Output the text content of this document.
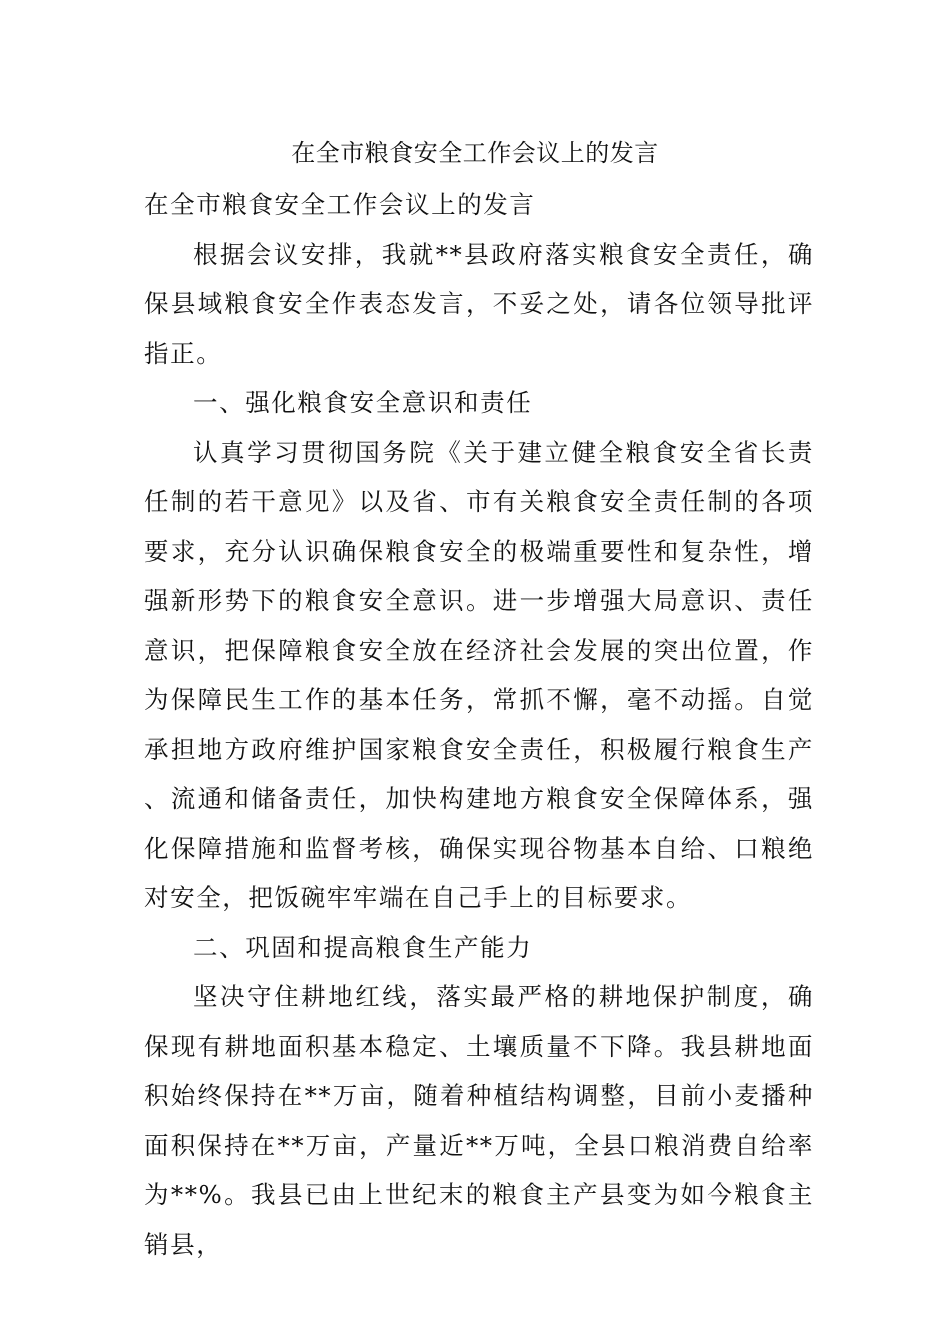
在全市粮食安全工作会议上的发言

在全市粮食安全工作会议上的发言

根据会议安排，我就**县政府落实粮食安全责任，确保县域粮食安全作表态发言，不妥之处，请各位领导批评指正。

一、强化粮食安全意识和责任

认真学习贯彻国务院《关于建立健全粮食安全省长责任制的若干意见》以及省、市有关粮食安全责任制的各项要求，充分认识确保粮食安全的极端重要性和复杂性，增强新形势下的粮食安全意识。进一步增强大局意识、责任意识，把保障粮食安全放在经济社会发展的突出位置，作为保障民生工作的基本任务，常抓不懈，毫不动摇。自觉承担地方政府维护国家粮食安全责任，积极履行粮食生产、流通和储备责任，加快构建地方粮食安全保障体系，强化保障措施和监督考核，确保实现谷物基本自给、口粮绝对安全，把饭碗牢牢端在自己手上的目标要求。

二、巩固和提高粮食生产能力

坚决守住耕地红线，落实最严格的耕地保护制度，确保现有耕地面积基本稳定、土壤质量不下降。我县耕地面积始终保持在**万亩，随着种植结构调整，目前小麦播种面积保持在**万亩，产量近**万吨，全县口粮消费自给率为**%。我县已由上世纪末的粮食主产县变为如今粮食主销县，
